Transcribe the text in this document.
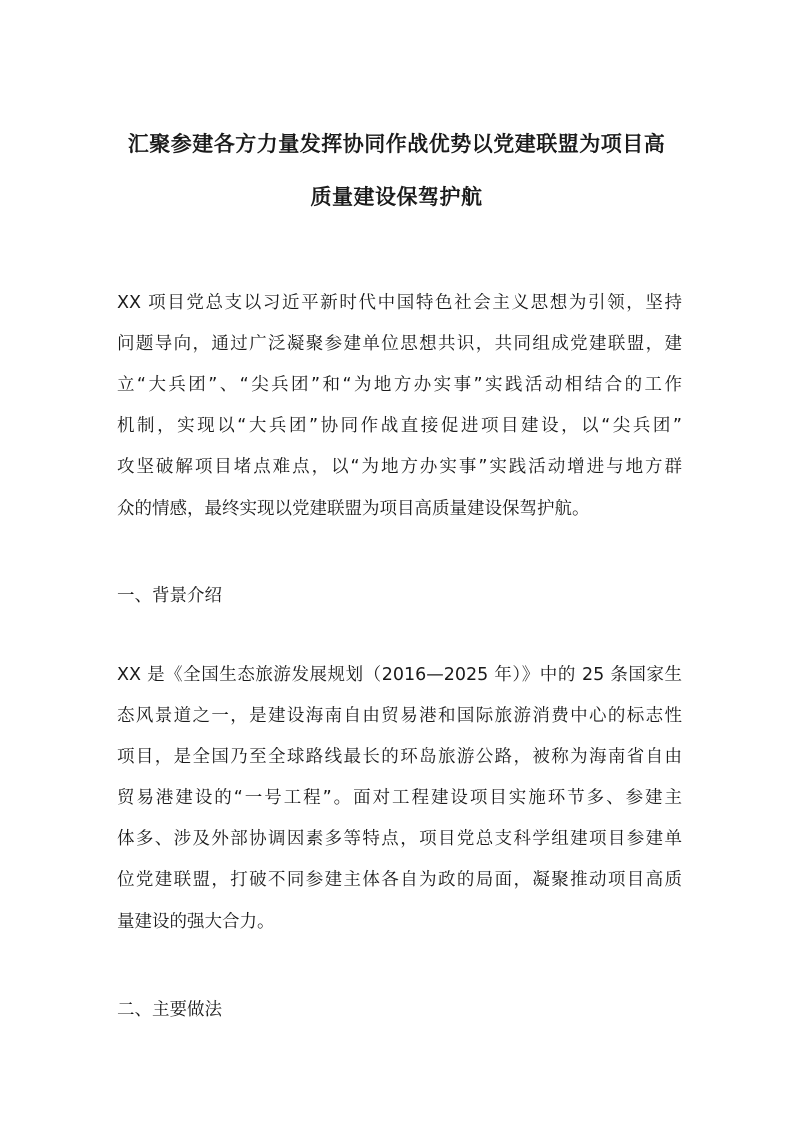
汇聚参建各方力量发挥协同作战优势以党建联盟为项目高
质量建设保驾护航
XX 项目党总支以习近平新时代中国特色社会主义思想为引领，坚持
问题导向，通过广泛凝聚参建单位思想共识，共同组成党建联盟，建
立“大兵团”、“尖兵团”和“为地方办实事”实践活动相结合的工作
机制，实现以“大兵团”协同作战直接促进项目建设，以“尖兵团”
攻坚破解项目堵点难点，以“为地方办实事”实践活动增进与地方群
众的情感，最终实现以党建联盟为项目高质量建设保驾护航。
一、背景介绍
XX 是《全国生态旅游发展规划（2016—2025 年）》中的 25 条国家生
态风景道之一，是建设海南自由贸易港和国际旅游消费中心的标志性
项目，是全国乃至全球路线最长的环岛旅游公路，被称为海南省自由
贸易港建设的“一号工程”。面对工程建设项目实施环节多、参建主
体多、涉及外部协调因素多等特点，项目党总支科学组建项目参建单
位党建联盟，打破不同参建主体各自为政的局面，凝聚推动项目高质
量建设的强大合力。
二、主要做法
